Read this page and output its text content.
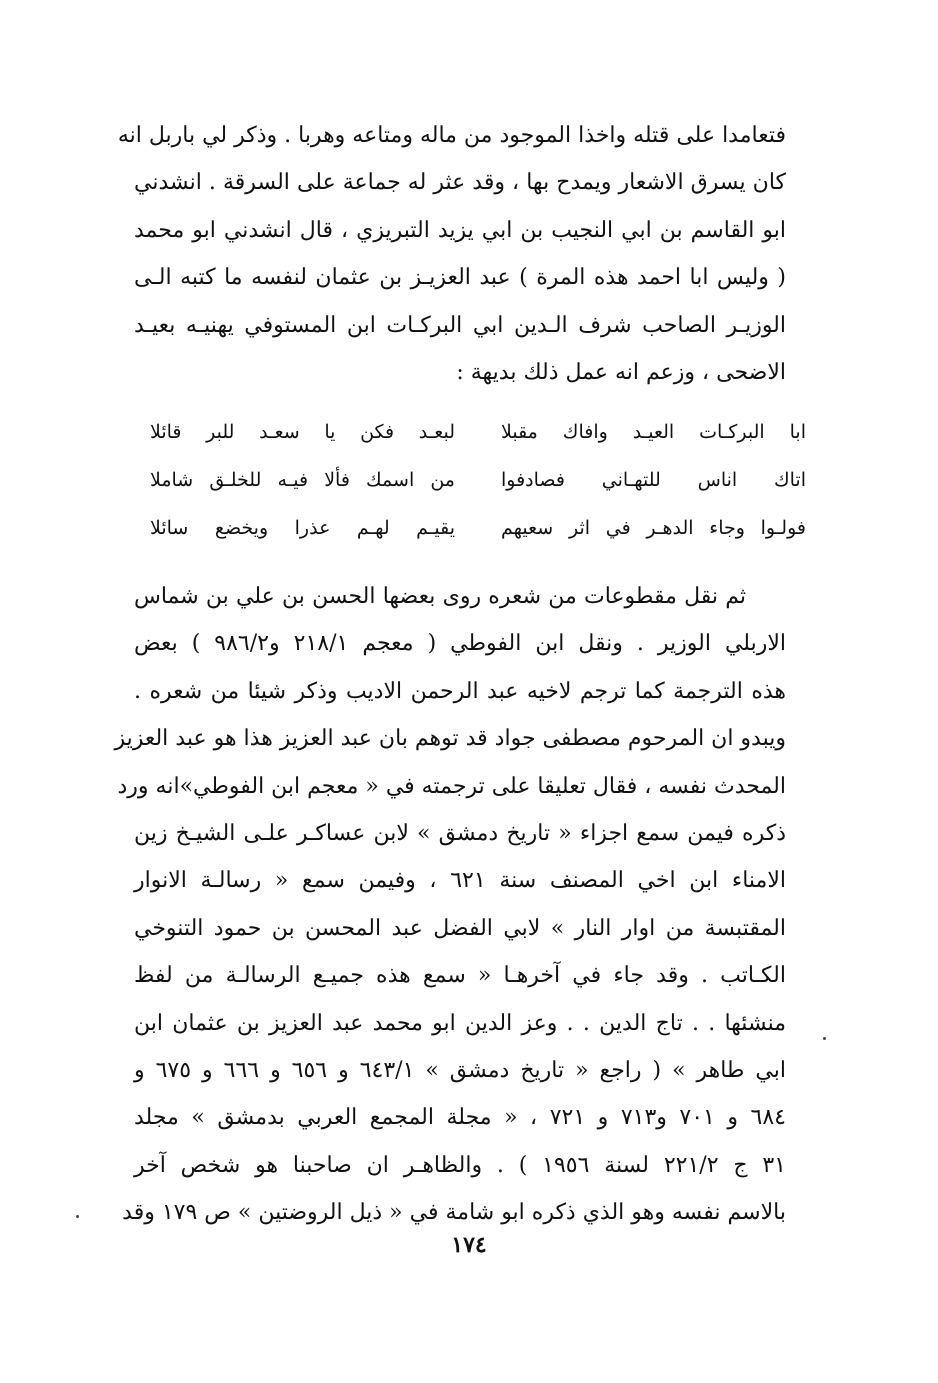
فتعامدا على قتله واخذا الموجود من ماله ومتاعه وهربا . وذكر لي باربل انه
كان يسرق الاشعار ويمدح بها ، وقد عثر له جماعة على السرقة . انشدني
ابو القاسم بن ابي النجيب بن ابي يزيد التبريزي ، قال انشدني ابو محمد
( وليس ابا احمد هذه المرة ) عبد العزيـز بن عثمان لنفسه ما كتبه الـى
الوزيـر الصاحب شرف الـدين ابي البركـات ابن المستوفي يهنيـه بعيـد
الاضحى ، وزعم انه عمل ذلك بديهة :
ابا البركـات العيـد وافاك مقبلا
لبعـد فكن يا سعـد للبر قائلا
اتاك اناس للتهـاني فصادفوا
من اسمك فألا فيـه للخلـق شاملا
فولـوا وجاء الدهـر في اثر سعيهم
يقيـم لهـم عذرا ويخضع سائلا
ثم نقل مقطوعات من شعره روى بعضها الحسن بن علي بن شماس
الاربلي الوزير . ونقل ابن الفوطي ( معجم ٢١٨/١ و٩٨٦/٢ ) بعض
هذه الترجمة كما ترجم لاخيه عبد الرحمن الاديب وذكر شيئا من شعره .
ويبدو ان المرحوم مصطفى جواد قد توهم بان عبد العزيز هذا هو عبد العزيز
المحدث نفسه ، فقال تعليقا على ترجمته في « معجم ابن الفوطي»انه ورد
ذكره فيمن سمع اجزاء « تاريخ دمشق » لابن عساكـر علـى الشيـخ زين
الامناء ابن اخي المصنف سنة ٦٢١ ، وفيمن سمع « رسالـة الانوار
المقتبسة من اوار النار » لابي الفضل عبد المحسن بن حمود التنوخي
الكـاتب . وقد جاء في آخرهـا « سمع هذه جميـع الرسالـة من لفظ
منشئها . . تاج الدين . . وعز الدين ابو محمد عبد العزيز بن عثمان ابن
ابي طاهر » ( راجع « تاريخ دمشق » ٦٤٣/١ و ٦٥٦ و ٦٦٦ و ٦٧٥ و
٦٨٤ و ٧٠١ و٧١٣ و ٧٢١ ، « مجلة المجمع العربي بدمشق » مجلد
٣١ ج ٢٢١/٢ لسنة ١٩٥٦ ) . والظاهـر ان صاحبنا هو شخص آخر
بالاسم نفسه وهو الذي ذكره ابو شامة في « ذيل الروضتين » ص ١٧٩ وقد
١٧٤
